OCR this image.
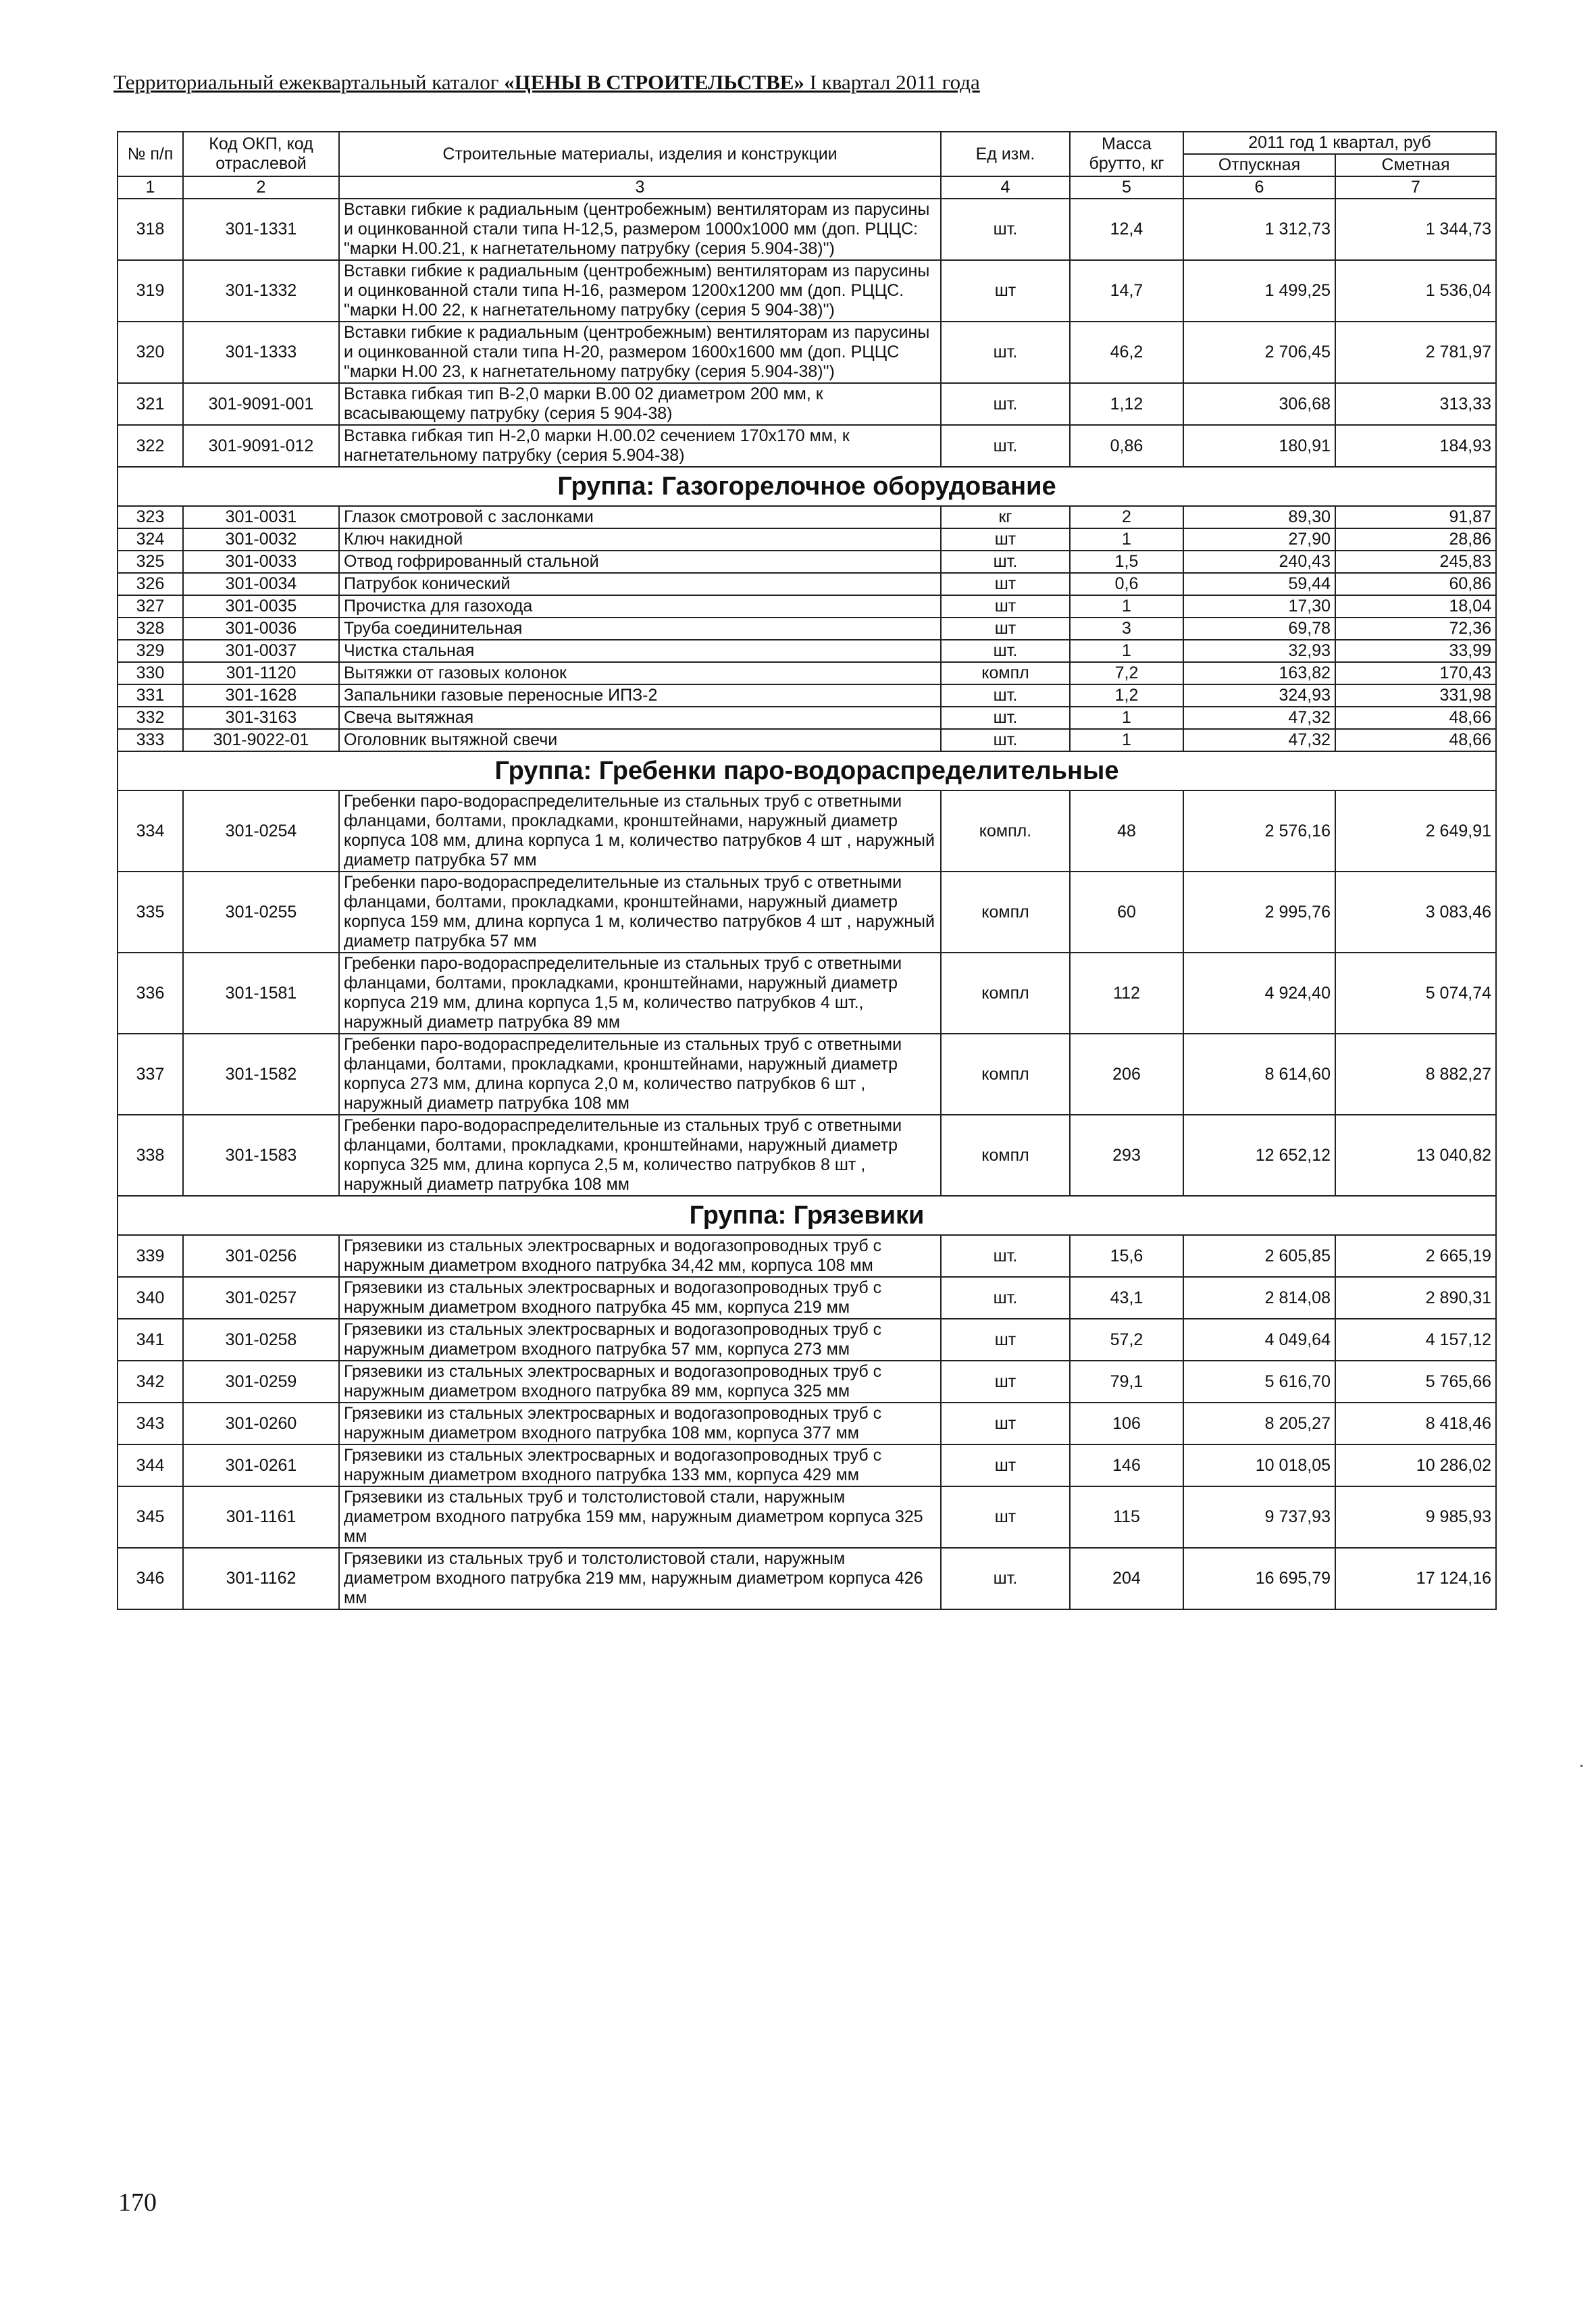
Территориальный ежеквартальный каталог «ЦЕНЫ В СТРОИТЕЛЬСТВЕ» I квартал 2011 года
№ п/п	Код ОКП, код отраслевой	Строительные материалы, изделия и конструкции	Ед изм.	Масса брутто, кг	2011 год 1 квартал, руб	
					Отпускная	Сметная
1	2	3	4	5	6	7
318	301-1331	Вставки гибкие к радиальным (центробежным) вентиляторам из парусины и оцинкованной стали типа Н-12,5, размером 1000х1000 мм (доп. РЦЦС: "марки Н.00.21, к нагнетательному патрубку (серия 5.904-38)")	шт.	12,4	1 312,73	1 344,73
319	301-1332	Вставки гибкие к радиальным (центробежным) вентиляторам из парусины и оцинкованной стали типа Н-16, размером 1200х1200 мм (доп. РЦЦС. "марки Н.00 22, к нагнетательному патрубку (серия 5 904-38)")	шт	14,7	1 499,25	1 536,04
320	301-1333	Вставки гибкие к радиальным (центробежным) вентиляторам из парусины и оцинкованной стали типа Н-20, размером 1600х1600 мм (доп. РЦЦС "марки Н.00 23, к нагнетательному патрубку (серия 5.904-38)")	шт.	46,2	2 706,45	2 781,97
321	301-9091-001	Вставка гибкая тип В-2,0 марки В.00 02 диаметром 200 мм, к всасывающему патрубку (серия 5 904-38)	шт.	1,12	306,68	313,33
322	301-9091-012	Вставка гибкая тип Н-2,0 марки Н.00.02 сечением 170х170 мм, к нагнетательному патрубку (серия 5.904-38)	шт.	0,86	180,91	184,93
Группа: Газогорелочное оборудование						
323	301-0031	Глазок смотровой с заслонками	кг	2	89,30	91,87
324	301-0032	Ключ накидной	шт	1	27,90	28,86
325	301-0033	Отвод гофрированный стальной	шт.	1,5	240,43	245,83
326	301-0034	Патрубок конический	шт	0,6	59,44	60,86
327	301-0035	Прочистка для газохода	шт	1	17,30	18,04
328	301-0036	Труба соединительная	шт	3	69,78	72,36
329	301-0037	Чистка стальная	шт.	1	32,93	33,99
330	301-1120	Вытяжки от газовых колонок	компл	7,2	163,82	170,43
331	301-1628	Запальники газовые переносные ИПЗ-2	шт.	1,2	324,93	331,98
332	301-3163	Свеча вытяжная	шт.	1	47,32	48,66
333	301-9022-01	Оголовник вытяжной свечи	шт.	1	47,32	48,66
Группа: Гребенки паро-водораспределительные						
334	301-0254	Гребенки паро-водораспределительные из стальных труб с ответными фланцами, болтами, прокладками, кронштейнами, наружный диаметр корпуса 108 мм, длина корпуса 1 м, количество патрубков 4 шт , наружный диаметр патрубка 57 мм	компл.	48	2 576,16	2 649,91
335	301-0255	Гребенки паро-водораспределительные из стальных труб с ответными фланцами, болтами, прокладками, кронштейнами, наружный диаметр корпуса 159 мм, длина корпуса 1 м, количество патрубков 4 шт , наружный диаметр патрубка 57 мм	компл	60	2 995,76	3 083,46
336	301-1581	Гребенки паро-водораспределительные из стальных труб с ответными фланцами, болтами, прокладками, кронштейнами, наружный диаметр корпуса 219 мм, длина корпуса 1,5 м, количество патрубков 4 шт., наружный диаметр патрубка 89 мм	компл	112	4 924,40	5 074,74
337	301-1582	Гребенки паро-водораспределительные из стальных труб с ответными фланцами, болтами, прокладками, кронштейнами, наружный диаметр корпуса 273 мм, длина корпуса 2,0 м, количество патрубков 6 шт , наружный диаметр патрубка 108 мм	компл	206	8 614,60	8 882,27
338	301-1583	Гребенки паро-водораспределительные из стальных труб с ответными фланцами, болтами, прокладками, кронштейнами, наружный диаметр корпуса 325 мм, длина корпуса 2,5 м, количество патрубков 8 шт , наружный диаметр патрубка 108 мм	компл	293	12 652,12	13 040,82
Группа: Грязевики						
339	301-0256	Грязевики из стальных электросварных и водогазопроводных труб с наружным диаметром входного патрубка 34,42 мм, корпуса 108 мм	шт.	15,6	2 605,85	2 665,19
340	301-0257	Грязевики из стальных электросварных и водогазопроводных труб с наружным диаметром входного патрубка 45 мм, корпуса 219 мм	шт.	43,1	2 814,08	2 890,31
341	301-0258	Грязевики из стальных электросварных и водогазопроводных труб с наружным диаметром входного патрубка 57 мм, корпуса 273 мм	шт	57,2	4 049,64	4 157,12
342	301-0259	Грязевики из стальных электросварных и водогазопроводных труб с наружным диаметром входного патрубка 89 мм, корпуса 325 мм	шт	79,1	5 616,70	5 765,66
343	301-0260	Грязевики из стальных электросварных и водогазопроводных труб с наружным диаметром входного патрубка 108 мм, корпуса 377 мм	шт	106	8 205,27	8 418,46
344	301-0261	Грязевики из стальных электросварных и водогазопроводных труб с наружным диаметром входного патрубка 133 мм, корпуса 429 мм	шт	146	10 018,05	10 286,02
345	301-1161	Грязевики из стальных труб и толстолистовой стали, наружным диаметром входного патрубка 159 мм, наружным диаметром корпуса 325 мм	шт	115	9 737,93	9 985,93
346	301-1162	Грязевики из стальных труб и толстолистовой стали, наружным диаметром входного патрубка 219 мм, наружным диаметром корпуса 426 мм	шт.	204	16 695,79	17 124,16
170
